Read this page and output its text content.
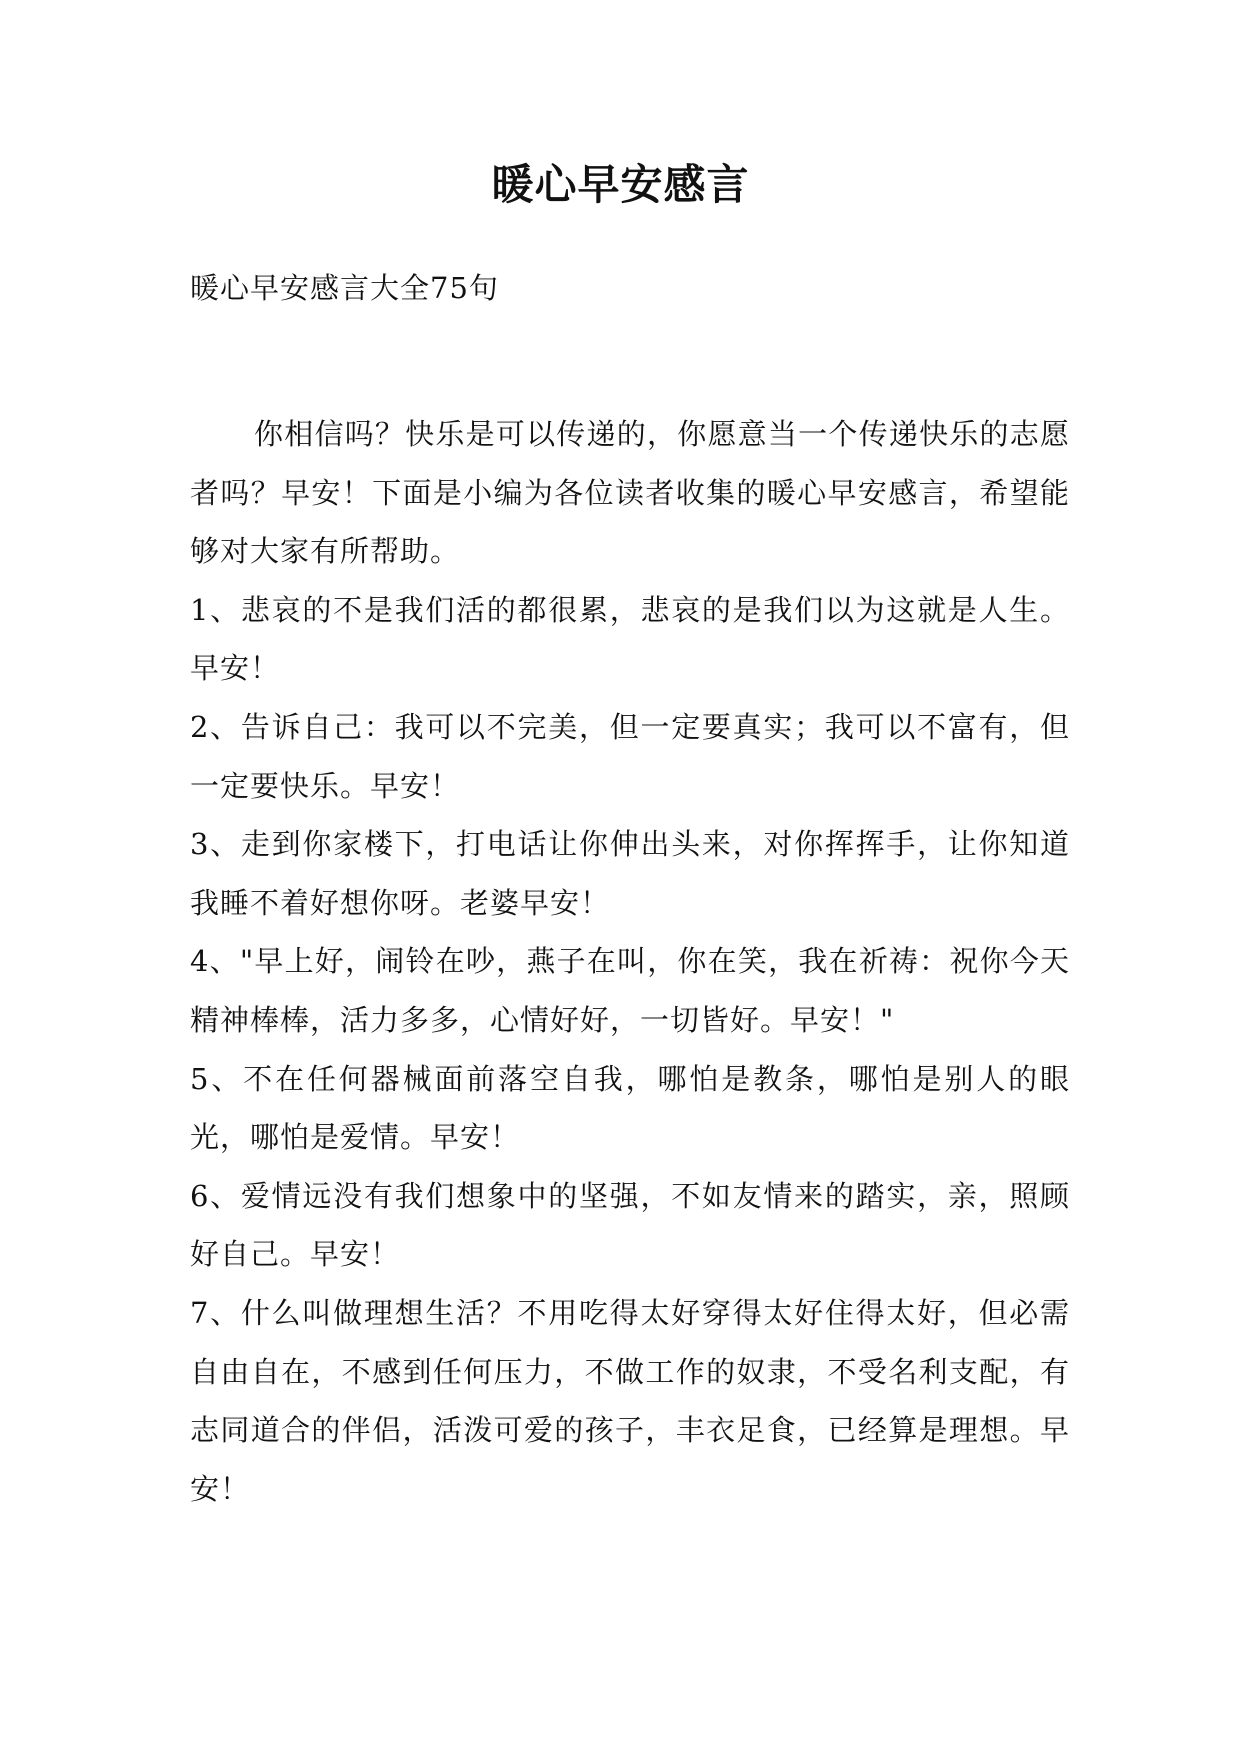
暖心早安感言
暖心早安感言大全75句

你相信吗？快乐是可以传递的，你愿意当一个传递快乐的志愿者吗？早安！下面是小编为各位读者收集的暖心早安感言，希望能够对大家有所帮助。

1、悲哀的不是我们活的都很累，悲哀的是我们以为这就是人生。早安！

2、告诉自己：我可以不完美，但一定要真实；我可以不富有，但一定要快乐。早安！

3、走到你家楼下，打电话让你伸出头来，对你挥挥手，让你知道我睡不着好想你呀。老婆早安！

4、"早上好，闹铃在吵，燕子在叫，你在笑，我在祈祷：祝你今天精神棒棒，活力多多，心情好好，一切皆好。早安！"

5、不在任何器械面前落空自我，哪怕是教条，哪怕是别人的眼光，哪怕是爱情。早安！

6、爱情远没有我们想象中的坚强，不如友情来的踏实，亲，照顾好自己。早安！

7、什么叫做理想生活？不用吃得太好穿得太好住得太好，但必需自由自在，不感到任何压力，不做工作的奴隶，不受名利支配，有志同道合的伴侣，活泼可爱的孩子，丰衣足食，已经算是理想。早安！
